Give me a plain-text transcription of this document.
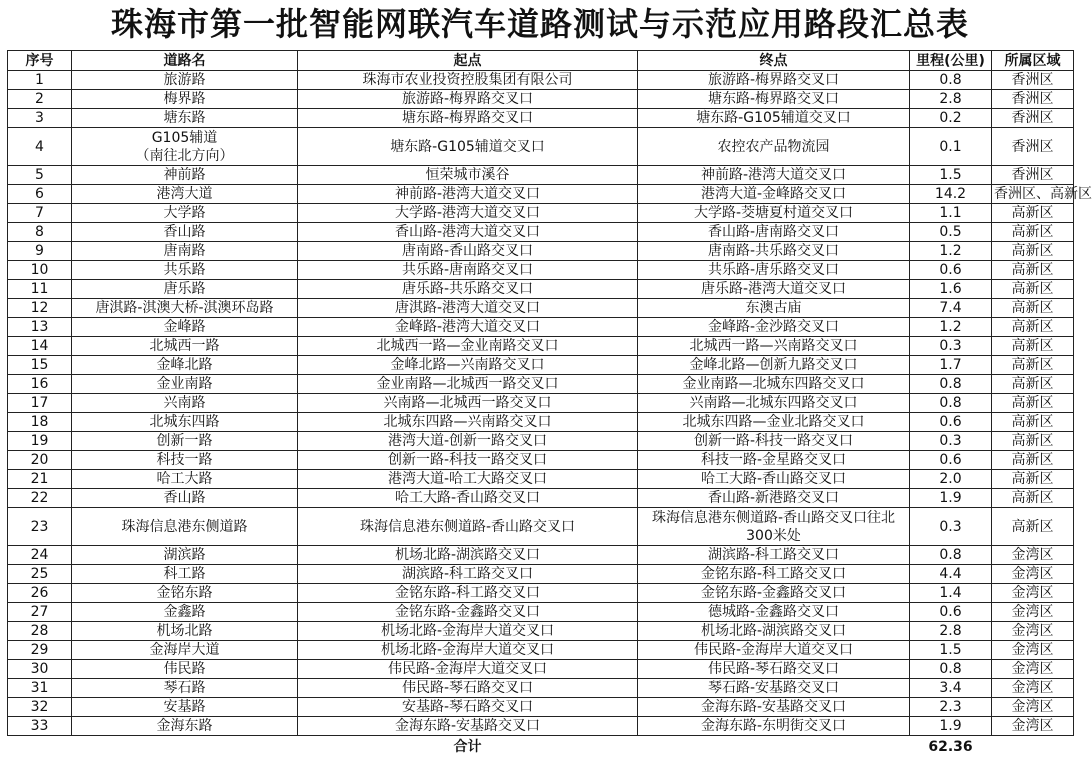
珠海市第一批智能网联汽车道路测试与示范应用路段汇总表
序号	道路名	起点	终点	里程(公里)	所属区域
1	旅游路	珠海市农业投资控股集团有限公司	旅游路-梅界路交叉口	0.8	香洲区
2	梅界路	旅游路-梅界路交叉口	塘东路-梅界路交叉口	2.8	香洲区
3	塘东路	塘东路-梅界路交叉口	塘东路-G105辅道交叉口	0.2	香洲区
4	G105辅道
（南往北方向）	塘东路-G105辅道交叉口	农控农产品物流园	0.1	香洲区
5	神前路	恒荣城市溪谷	神前路-港湾大道交叉口	1.5	香洲区
6	港湾大道	神前路-港湾大道交叉口	港湾大道-金峰路交叉口	14.2	香洲区、高新区
7	大学路	大学路-港湾大道交叉口	大学路-茭塘夏村道交叉口	1.1	高新区
8	香山路	香山路-港湾大道交叉口	香山路-唐南路交叉口	0.5	高新区
9	唐南路	唐南路-香山路交叉口	唐南路-共乐路交叉口	1.2	高新区
10	共乐路	共乐路-唐南路交叉口	共乐路-唐乐路交叉口	0.6	高新区
11	唐乐路	唐乐路-共乐路交叉口	唐乐路-港湾大道交叉口	1.6	高新区
12	唐淇路-淇澳大桥-淇澳环岛路	唐淇路-港湾大道交叉口	东澳古庙	7.4	高新区
13	金峰路	金峰路-港湾大道交叉口	金峰路-金沙路交叉口	1.2	高新区
14	北城西一路	北城西一路—金业南路交叉口	北城西一路—兴南路交叉口	0.3	高新区
15	金峰北路	金峰北路—兴南路交叉口	金峰北路—创新九路交叉口	1.7	高新区
16	金业南路	金业南路—北城西一路交叉口	金业南路—北城东四路交叉口	0.8	高新区
17	兴南路	兴南路—北城西一路交叉口	兴南路—北城东四路交叉口	0.8	高新区
18	北城东四路	北城东四路—兴南路交叉口	北城东四路—金业北路交叉口	0.6	高新区
19	创新一路	港湾大道-创新一路交叉口	创新一路-科技一路交叉口	0.3	高新区
20	科技一路	创新一路-科技一路交叉口	科技一路-金星路交叉口	0.6	高新区
21	哈工大路	港湾大道-哈工大路交叉口	哈工大路-香山路交叉口	2.0	高新区
22	香山路	哈工大路-香山路交叉口	香山路-新港路交叉口	1.9	高新区
23	珠海信息港东侧道路	珠海信息港东侧道路-香山路交叉口	珠海信息港东侧道路-香山路交叉口往北300米处	0.3	高新区
24	湖滨路	机场北路-湖滨路交叉口	湖滨路-科工路交叉口	0.8	金湾区
25	科工路	湖滨路-科工路交叉口	金铭东路-科工路交叉口	4.4	金湾区
26	金铭东路	金铭东路-科工路交叉口	金铭东路-金鑫路交叉口	1.4	金湾区
27	金鑫路	金铭东路-金鑫路交叉口	德城路-金鑫路交叉口	0.6	金湾区
28	机场北路	机场北路-金海岸大道交叉口	机场北路-湖滨路交叉口	2.8	金湾区
29	金海岸大道	机场北路-金海岸大道交叉口	伟民路-金海岸大道交叉口	1.5	金湾区
30	伟民路	伟民路-金海岸大道交叉口	伟民路-琴石路交叉口	0.8	金湾区
31	琴石路	伟民路-琴石路交叉口	琴石路-安基路交叉口	3.4	金湾区
32	安基路	安基路-琴石路交叉口	金海东路-安基路交叉口	2.3	金湾区
33	金海东路	金海东路-安基路交叉口	金海东路-东明街交叉口	1.9	金湾区
		合计		62.36	
